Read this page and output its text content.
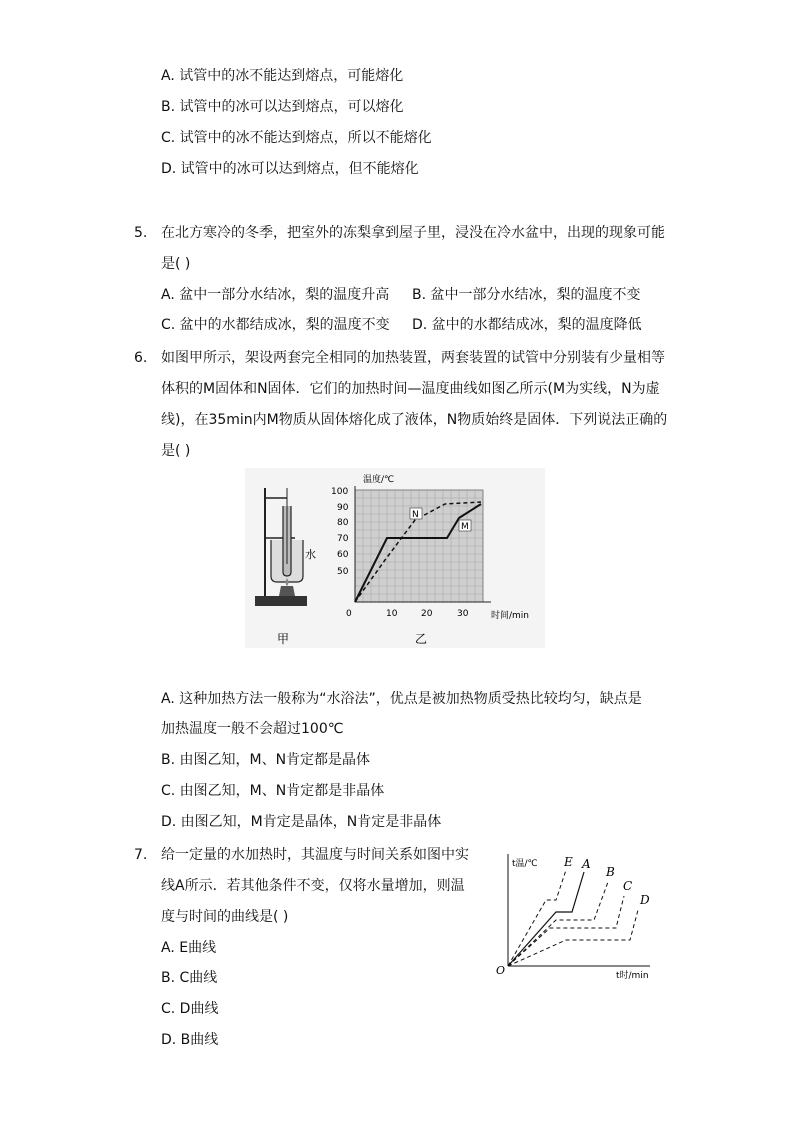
A. 试管中的冰不能达到熔点，可能熔化
B. 试管中的冰可以达到熔点，可以熔化
C. 试管中的冰不能达到熔点，所以不能熔化
D. 试管中的冰可以达到熔点，但不能熔化
5. 在北方寒冷的冬季，把室外的冻梨拿到屋子里，浸没在冷水盆中，出现的现象可能
是( )
A. 盆中一部分水结冰，梨的温度升高 B. 盆中一部分水结冰，梨的温度不变
C. 盆中的水都结成冰，梨的温度不变 D. 盆中的水都结成冰，梨的温度降低
6. 如图甲所示，架设两套完全相同的加热装置，两套装置的试管中分别装有少量相等
体积的M固体和N固体．它们的加热时间—温度曲线如图乙所示(M为实线，N为虚
线)，在35min内M物质从固体熔化成了液体，N物质始终是固体．下列说法正确的
是( )
水
甲
温度/℃
时间/min
100
90
80
70
60
50
0	10	20	30
N
M
乙
A. 这种加热方法一般称为“水浴法”，优点是被加热物质受热比较均匀，缺点是
加热温度一般不会超过100℃
B. 由图乙知，M、N肯定都是晶体
C. 由图乙知，M、N肯定都是非晶体
D. 由图乙知，M肯定是晶体，N肯定是非晶体
7. 给一定量的水加热时，其温度与时间关系如图中实
线A所示．若其他条件不变，仅将水量增加，则温
度与时间的曲线是( )
A. E曲线
B. C曲线
C. D曲线
D. B曲线
t温/℃
t时/min
O
E A
B
C
D
